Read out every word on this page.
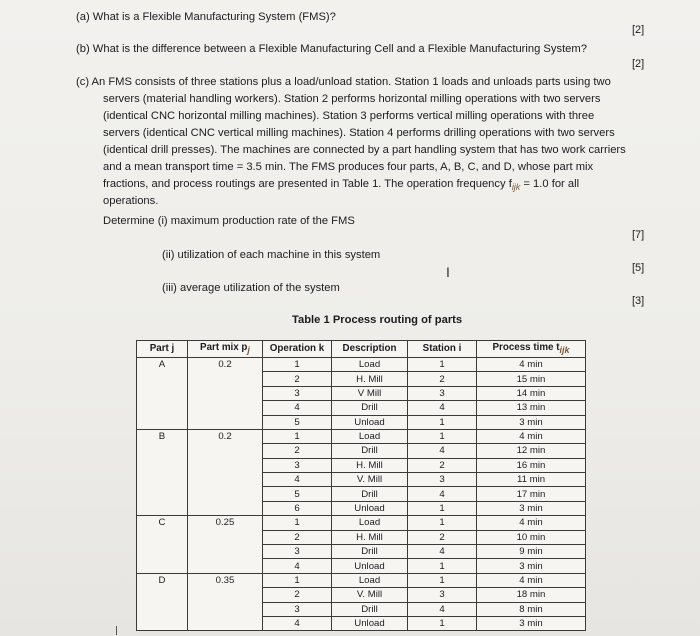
(a) What is a Flexible Manufacturing System (FMS)?
[2]
(b) What is the difference between a Flexible Manufacturing Cell and a Flexible Manufacturing System?
[2]
(c) An FMS consists of three stations plus a load/unload station. Station 1 loads and unloads parts using two
servers (material handling workers). Station 2 performs horizontal milling operations with two servers
(identical CNC horizontal milling machines). Station 3 performs vertical milling operations with three
servers (identical CNC vertical milling machines). Station 4 performs drilling operations with two servers
(identical drill presses). The machines are connected by a part handling system that has two work carriers
and a mean transport time = 3.5 min. The FMS produces four parts, A, B, C, and D, whose part mix
fractions, and process routings are presented in Table 1. The operation frequency $f_{ijk} = 1.0$ for all
operations.
Determine (i) maximum production rate of the FMS
[7]
(ii) utilization of each machine in this system
[5]
(iii) average utilization of the system
[3]
I
Table 1 Process routing of parts
Part j	Part mix $p_j$	Operation k	Description	Station i	Process time $t_{ijk}$
A	0.2	1	Load	1	4 min
		2	H. Mill	2	15 min
		3	V Mill	3	14 min
		4	Drill	4	13 min
		5	Unload	1	3 min
B	0.2	1	Load	1	4 min
		2	Drill	4	12 min
		3	H. Mill	2	16 min
		4	V. Mill	3	11 min
		5	Drill	4	17 min
		6	Unload	1	3 min
C	0.25	1	Load	1	4 min
		2	H. Mill	2	10 min
		3	Drill	4	9 min
		4	Unload	1	3 min
D	0.35	1	Load	1	4 min
		2	V. Mill	3	18 min
		3	Drill	4	8 min
		4	Unload	1	3 min
